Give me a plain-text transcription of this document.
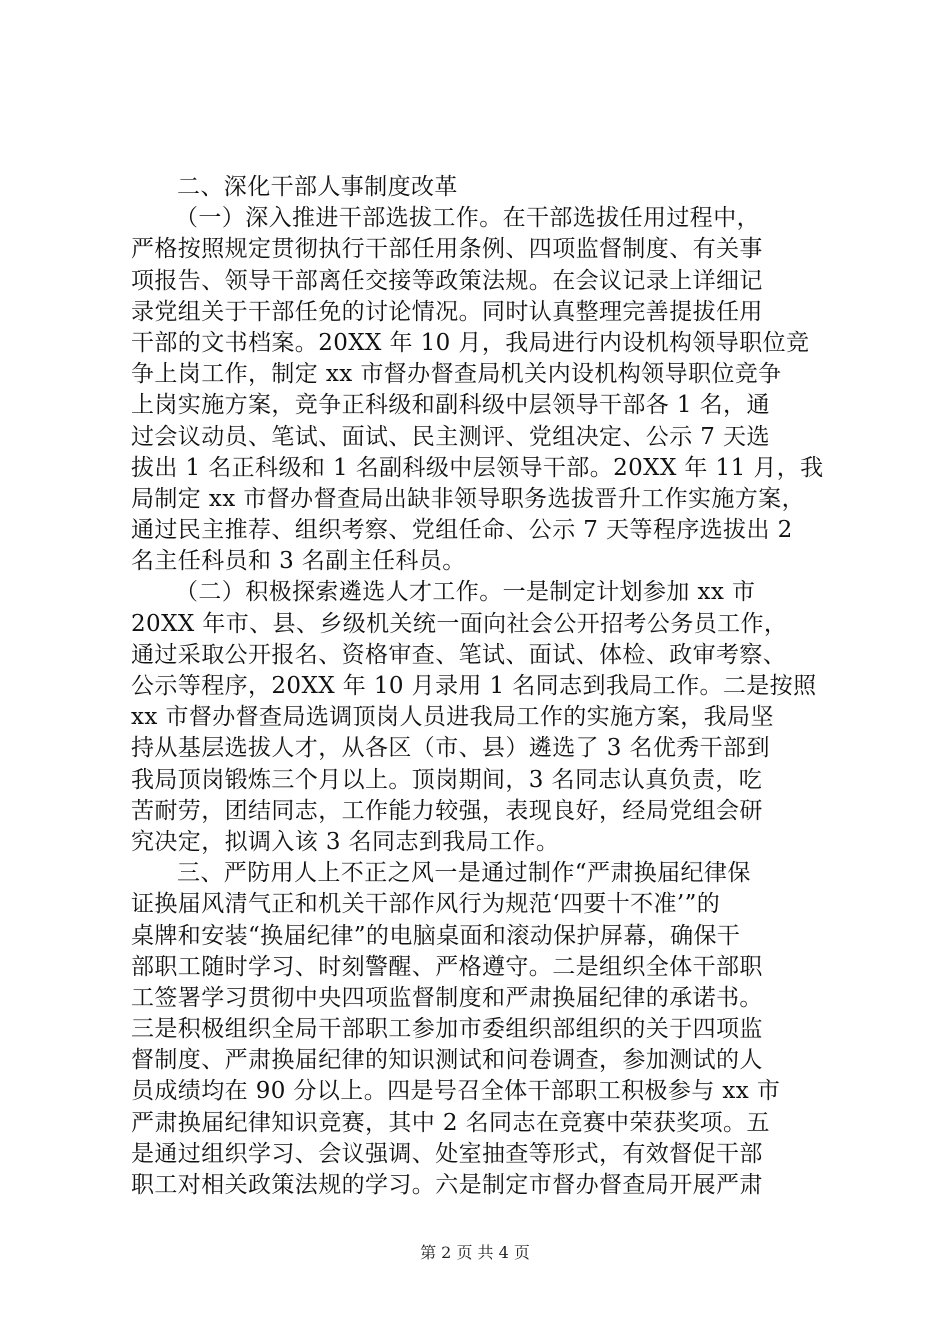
二、深化干部人事制度改革
（一）深入推进干部选拔工作。在干部选拔任用过程中，
严格按照规定贯彻执行干部任用条例、四项监督制度、有关事
项报告、领导干部离任交接等政策法规。在会议记录上详细记
录党组关于干部任免的讨论情况。同时认真整理完善提拔任用
干部的文书档案。20XX 年 10 月，我局进行内设机构领导职位竞
争上岗工作，制定 xx 市督办督查局机关内设机构领导职位竞争
上岗实施方案，竞争正科级和副科级中层领导干部各 1 名，通
过会议动员、笔试、面试、民主测评、党组决定、公示 7 天选
拔出 1 名正科级和 1 名副科级中层领导干部。20XX 年 11 月，我
局制定 xx 市督办督查局出缺非领导职务选拔晋升工作实施方案，
通过民主推荐、组织考察、党组任命、公示 7 天等程序选拔出 2
名主任科员和 3 名副主任科员。
（二）积极探索遴选人才工作。一是制定计划参加 xx 市
20XX 年市、县、乡级机关统一面向社会公开招考公务员工作，
通过采取公开报名、资格审查、笔试、面试、体检、政审考察、
公示等程序，20XX 年 10 月录用 1 名同志到我局工作。二是按照
xx 市督办督查局选调顶岗人员进我局工作的实施方案，我局坚
持从基层选拔人才，从各区（市、县）遴选了 3 名优秀干部到
我局顶岗锻炼三个月以上。顶岗期间，3 名同志认真负责，吃
苦耐劳，团结同志，工作能力较强，表现良好，经局党组会研
究决定，拟调入该 3 名同志到我局工作。
三、严防用人上不正之风一是通过制作“严肃换届纪律保
证换届风清气正和机关干部作风行为规范‘四要十不准’”的
桌牌和安装“换届纪律”的电脑桌面和滚动保护屏幕，确保干
部职工随时学习、时刻警醒、严格遵守。二是组织全体干部职
工签署学习贯彻中央四项监督制度和严肃换届纪律的承诺书。
三是积极组织全局干部职工参加市委组织部组织的关于四项监
督制度、严肃换届纪律的知识测试和问卷调查，参加测试的人
员成绩均在 90 分以上。四是号召全体干部职工积极参与 xx 市
严肃换届纪律知识竞赛，其中 2 名同志在竞赛中荣获奖项。五
是通过组织学习、会议强调、处室抽查等形式，有效督促干部
职工对相关政策法规的学习。六是制定市督办督查局开展严肃
第 2 页 共 4 页
